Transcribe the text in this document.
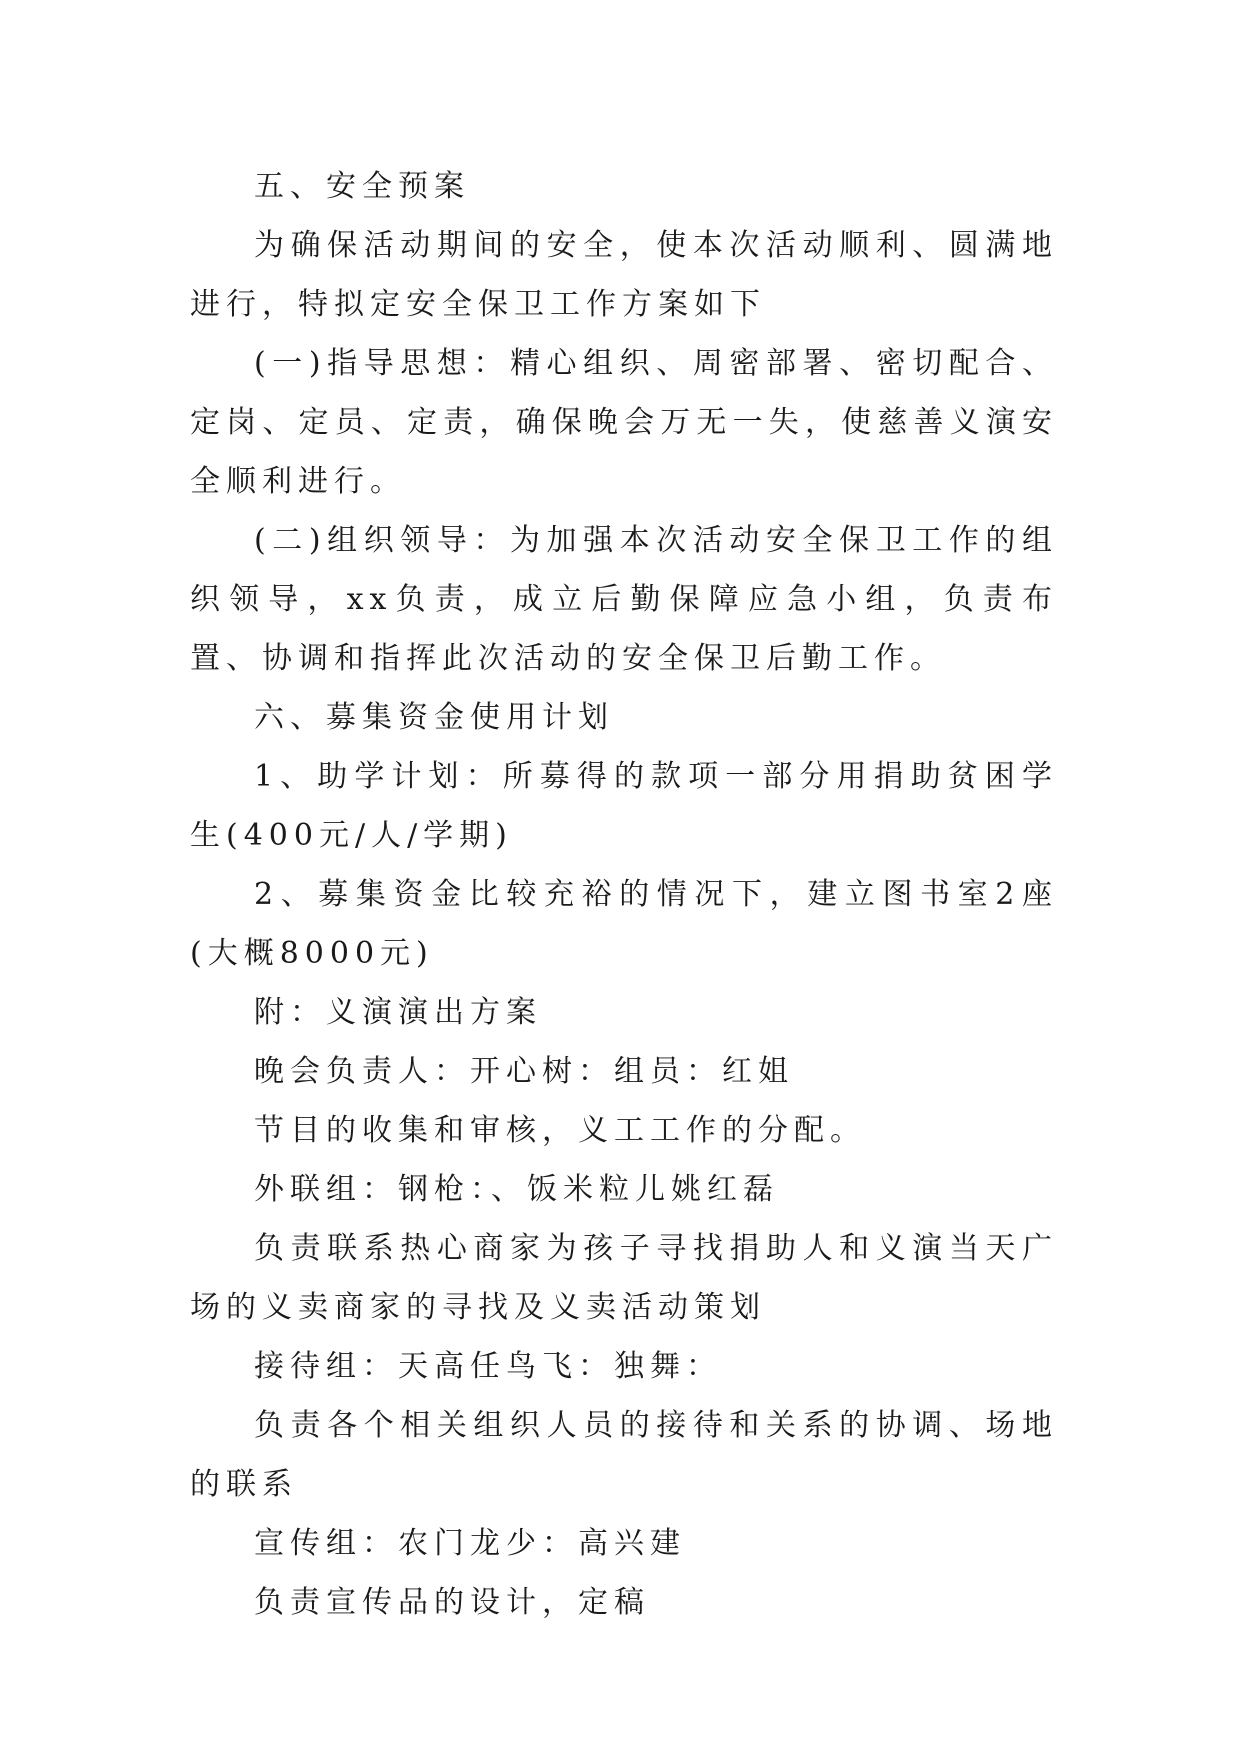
五、安全预案

为确保活动期间的安全，使本次活动顺利、圆满地进行，特拟定安全保卫工作方案如下

(一)指导思想：精心组织、周密部署、密切配合、定岗、定员、定责，确保晚会万无一失，使慈善义演安全顺利进行。

(二)组织领导：为加强本次活动安全保卫工作的组织领导，xx负责，成立后勤保障应急小组，负责布置、协调和指挥此次活动的安全保卫后勤工作。

六、募集资金使用计划

1、助学计划：所募得的款项一部分用捐助贫困学生(400元/人/学期)

2、募集资金比较充裕的情况下，建立图书室2座(大概8000元)

附：义演演出方案

晚会负责人：开心树：组员：红姐

节目的收集和审核，义工工作的分配。

外联组：钢枪：、饭米粒儿姚红磊

负责联系热心商家为孩子寻找捐助人和义演当天广场的义卖商家的寻找及义卖活动策划

接待组：天高任鸟飞：独舞：

负责各个相关组织人员的接待和关系的协调、场地的联系

宣传组：农门龙少：高兴建

负责宣传品的设计，定稿
